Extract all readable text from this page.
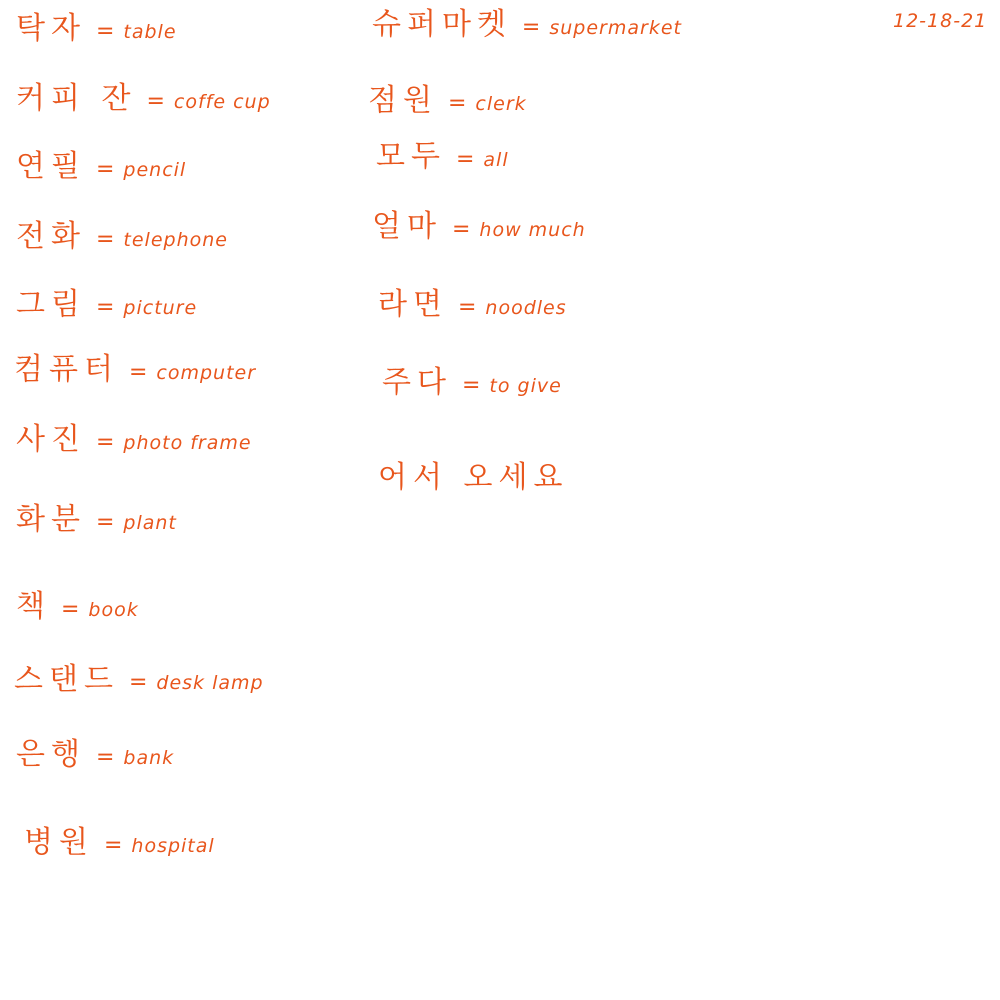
12-18-21
탁자 = table
커피 잔 = coffe cup
연필 = pencil
전화 = telephone
그림 = picture
컴퓨터 = computer
사진 = photo frame
화분 = plant
책 = book
스탠드 = desk lamp
은행 = bank
병원 = hospital
슈퍼마켓 = supermarket
점원 = clerk
모두 = all
얼마 = how much
라면 = noodles
주다 = to give
어서 오세요
